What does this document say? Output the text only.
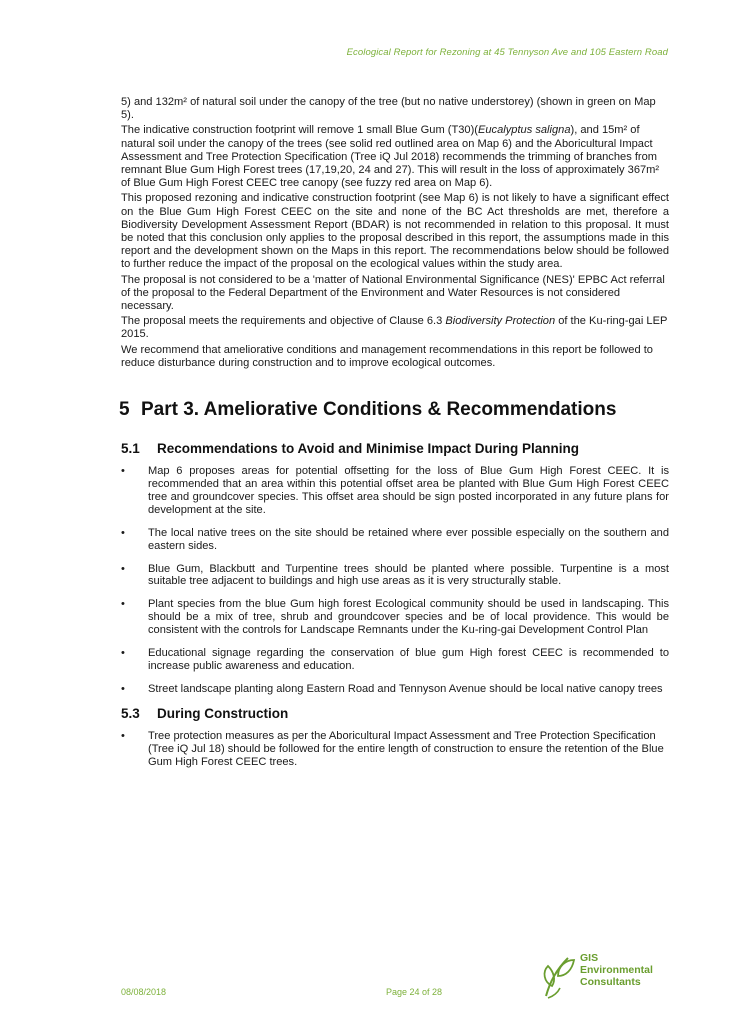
Ecological Report for Rezoning at 45 Tennyson Ave and 105 Eastern Road

5) and 132m² of natural soil under the canopy of the tree (but no native understorey) (shown in green on Map 5).

The indicative construction footprint will remove 1 small Blue Gum (T30)(Eucalyptus saligna), and 15m² of natural soil under the canopy of the trees (see solid red outlined area on Map 6) and the Aboricultural Impact Assessment and Tree Protection Specification (Tree iQ Jul 2018) recommends the trimming of branches from remnant Blue Gum High Forest trees (17,19,20, 24 and 27). This will result in the loss of approximately 367m² of Blue Gum High Forest CEEC tree canopy (see fuzzy red area on Map 6).

This proposed rezoning and indicative construction footprint (see Map 6) is not likely to have a significant effect on the Blue Gum High Forest CEEC on the site and none of the BC Act thresholds are met, therefore a Biodiversity Development Assessment Report (BDAR) is not recommended in relation to this proposal. It must be noted that this conclusion only applies to the proposal described in this report, the assumptions made in this report and the development shown on the Maps in this report. The recommendations below should be followed to further reduce the impact of the proposal on the ecological values within the study area.

The proposal is not considered to be a 'matter of National Environmental Significance (NES)' EPBC Act referral of the proposal to the Federal Department of the Environment and Water Resources is not considered necessary.

The proposal meets the requirements and objective of Clause 6.3 Biodiversity Protection of the Ku-ring-gai LEP 2015.

We recommend that ameliorative conditions and management recommendations in this report be followed to reduce disturbance during construction and to improve ecological outcomes.

5 Part 3. Ameliorative Conditions & Recommendations
5.1 Recommendations to Avoid and Minimise Impact During Planning
• Map 6 proposes areas for potential offsetting for the loss of Blue Gum High Forest CEEC. It is recommended that an area within this potential offset area be planted with Blue Gum High Forest CEEC tree and groundcover species. This offset area should be sign posted incorporated in any future plans for development at the site.
• The local native trees on the site should be retained where ever possible especially on the southern and eastern sides.
• Blue Gum, Blackbutt and Turpentine trees should be planted where possible. Turpentine is a most suitable tree adjacent to buildings and high use areas as it is very structurally stable.
• Plant species from the blue Gum high forest Ecological community should be used in landscaping. This should be a mix of tree, shrub and groundcover species and be of local providence. This would be consistent with the controls for Landscape Remnants under the Ku-ring-gai Development Control Plan
• Educational signage regarding the conservation of blue gum High forest CEEC is recommended to increase public awareness and education.
• Street landscape planting along Eastern Road and Tennyson Avenue should be local native canopy trees
5.3 During Construction
• Tree protection measures as per the Aboricultural Impact Assessment and Tree Protection Specification (Tree iQ Jul 18) should be followed for the entire length of construction to ensure the retention of the Blue Gum High Forest CEEC trees.
08/08/2018	Page 24 of 28
GIS
Environmental
Consultants
